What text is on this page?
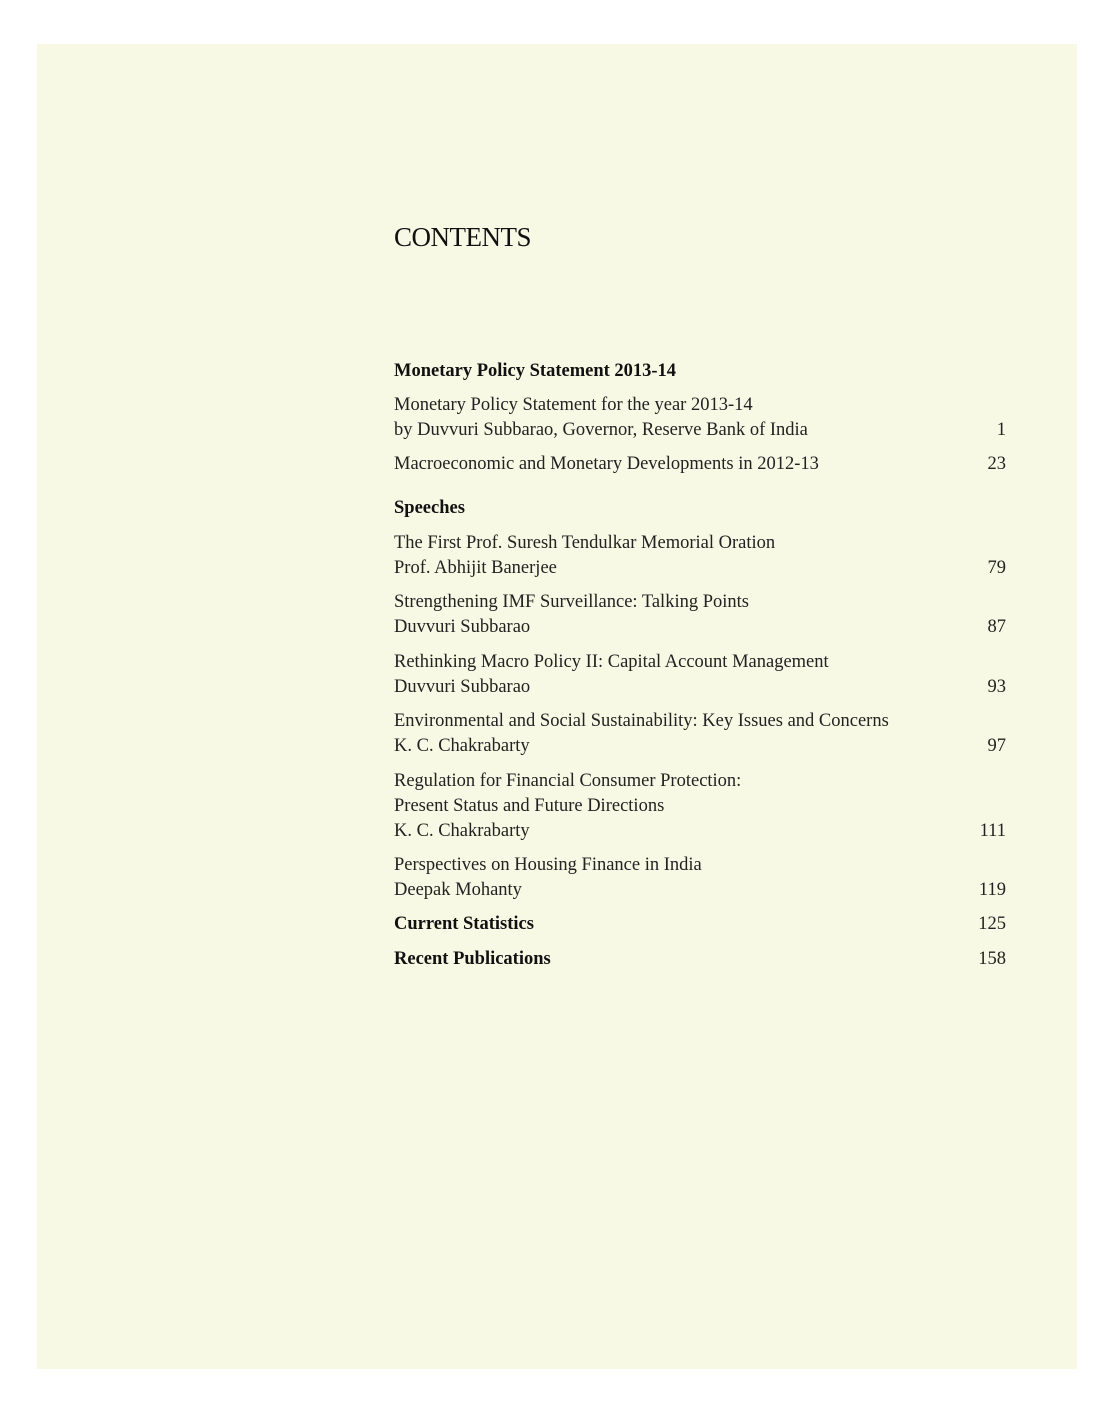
CONTENTS
Monetary Policy Statement 2013-14
Monetary Policy Statement for the year 2013-14
by Duvvuri Subbarao, Governor, Reserve Bank of India	1
Macroeconomic and Monetary Developments in 2012-13	23
Speeches
The First Prof. Suresh Tendulkar Memorial Oration
Prof. Abhijit Banerjee	79
Strengthening IMF Surveillance: Talking Points
Duvvuri Subbarao	87
Rethinking Macro Policy II: Capital Account Management
Duvvuri Subbarao	93
Environmental and Social Sustainability: Key Issues and Concerns
K. C. Chakrabarty	97
Regulation for Financial Consumer Protection:
Present Status and Future Directions
K. C. Chakrabarty	111
Perspectives on Housing Finance in India
Deepak Mohanty	119
Current Statistics	125
Recent Publications	158
